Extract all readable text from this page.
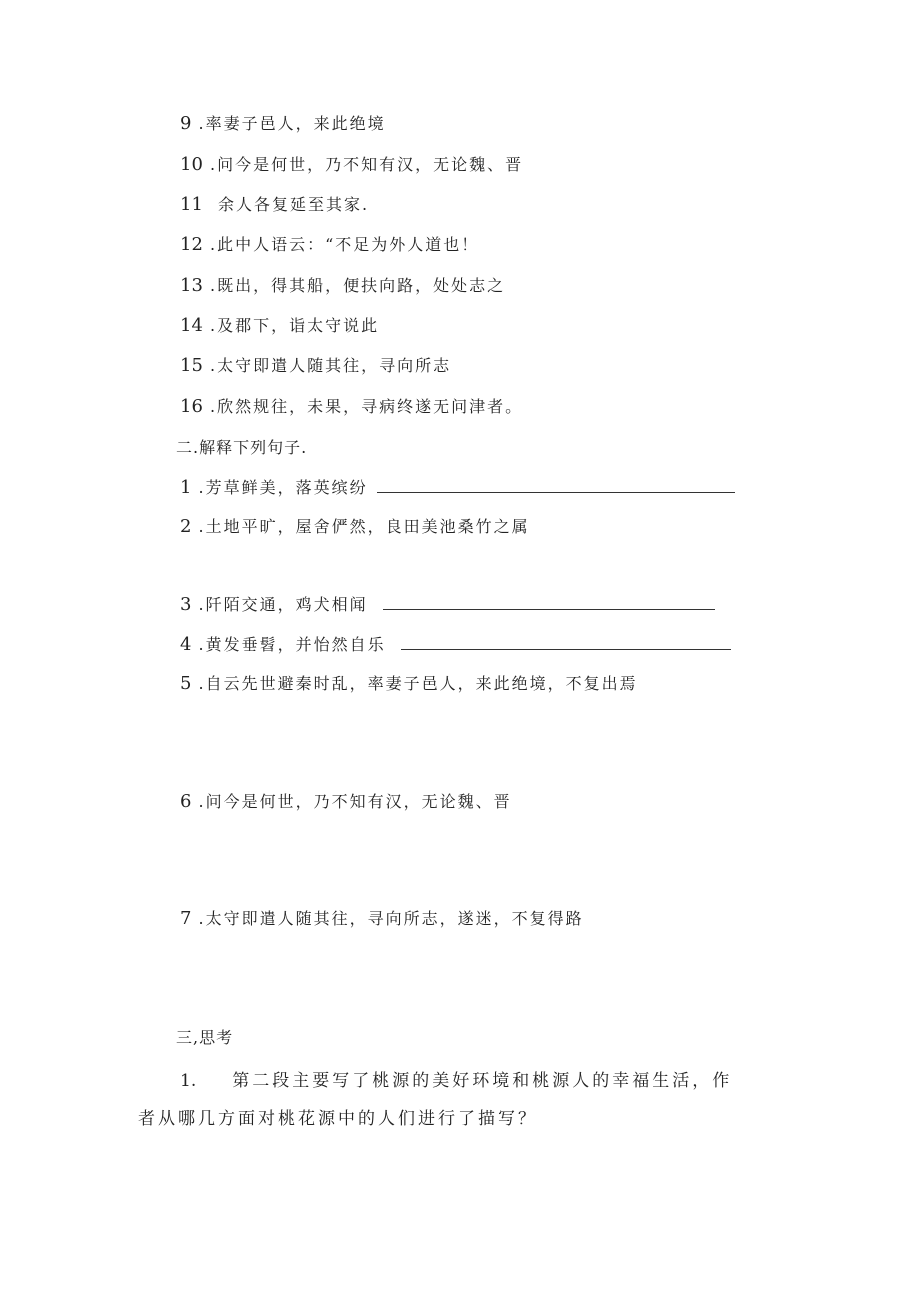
9 .率妻子邑人，来此绝境
10 .问今是何世，乃不知有汉，无论魏、晋
11 余人各复延至其家.
12 .此中人语云：“不足为外人道也！
13 .既出，得其船，便扶向路，处处志之
14 .及郡下，诣太守说此
15 .太守即遣人随其往，寻向所志
16 .欣然规往，未果，寻病终遂无问津者。
二.解释下列句子.
1 .芳草鲜美，落英缤纷
2 .土地平旷，屋舍俨然，良田美池桑竹之属
3 .阡陌交通，鸡犬相闻
4 .黄发垂髫，并怡然自乐
5 .自云先世避秦时乱，率妻子邑人，来此绝境，不复出焉
6 .问今是何世，乃不知有汉，无论魏、晋
7 .太守即遣人随其往，寻向所志，遂迷，不复得路
三,思考
1. 第二段主要写了桃源的美好环境和桃源人的幸福生活，作
者从哪几方面对桃花源中的人们进行了描写？
